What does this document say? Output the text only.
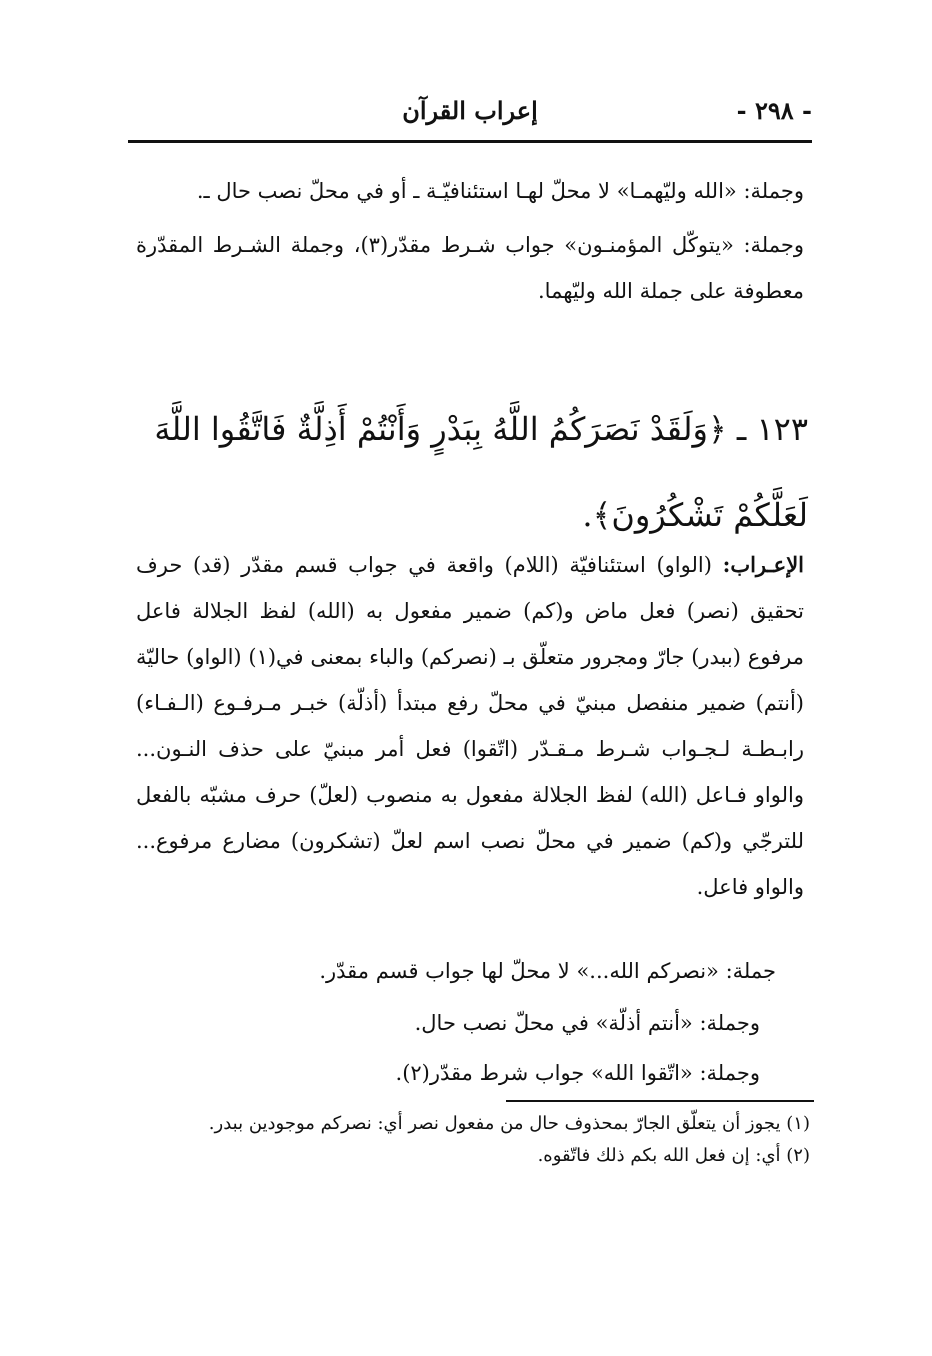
- ٢٩٨ -
إعراب القرآن

وجملة: «الله وليّهمـا» لا محلّ لهـا استئنافيّـة ـ أو في محلّ نصب حال ـ.

وجملة: «يتوكّل المؤمنـون» جواب شـرط مقدّر(٣)، وجملة الشـرط المقدّرة معطوفة على جملة الله وليّهما.

١٢٣ ـ ﴿وَلَقَدْ نَصَرَكُمُ اللَّهُ بِبَدْرٍ وَأَنْتُمْ أَذِلَّةٌ فَاتَّقُوا اللَّهَ لَعَلَّكُمْ تَشْكُرُونَ﴾.

الإعـراب: (الواو) استئنافيّة (اللام) واقعة في جواب قسم مقدّر (قد) حرف تحقيق (نصر) فعل ماض و(كم) ضمير مفعول به (الله) لفظ الجلالة فاعل مرفوع (ببدر) جارّ ومجرور متعلّق بـ (نصركم) والباء بمعنى في(١) (الواو) حاليّة (أنتم) ضمير منفصل مبنيّ في محلّ رفع مبتدأ (أذلّة) خبـر مـرفـوع (الـفـاء) رابـطـة لـجـواب شـرط مـقـدّر (اتّقوا) فعل أمر مبنيّ على حذف النـون... والواو فـاعل (الله) لفظ الجلالة مفعول به منصوب (لعلّ) حرف مشبّه بالفعل للترجّي و(كم) ضمير في محلّ نصب اسم لعلّ (تشكرون) مضارع مرفوع... والواو فاعل.

جملة: «نصركم الله...» لا محلّ لها جواب قسم مقدّر.
وجملة: «أنتم أذلّة» في محلّ نصب حال.
وجملة: «اتّقوا الله» جواب شرط مقدّر(٢).

(١) يجوز أن يتعلّق الجارّ بمحذوف حال من مفعول نصر أي: نصركم موجودين ببدر.

(٢) أي: إن فعل الله بكم ذلك فاتّقوه.
